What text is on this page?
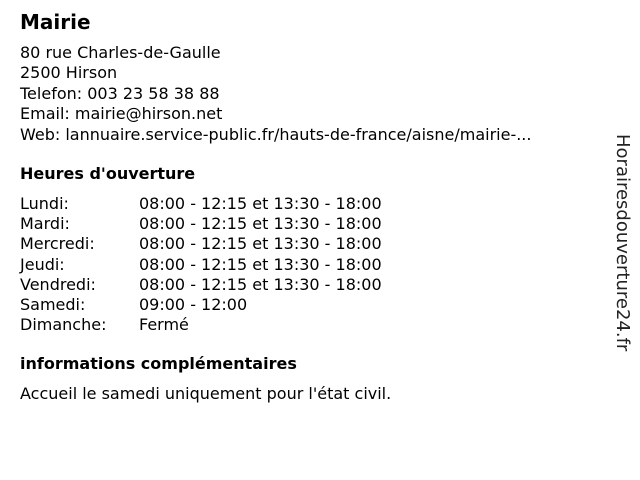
Mairie
80 rue Charles-de-Gaulle
2500 Hirson
Telefon: 003 23 58 38 88
Email: mairie@hirson.net
Web: lannuaire.service-public.fr/hauts-de-france/aisne/mairie-...
Heures d'ouverture
Lundi:	08:00 - 12:15 et 13:30 - 18:00
Mardi:	08:00 - 12:15 et 13:30 - 18:00
Mercredi:	08:00 - 12:15 et 13:30 - 18:00
Jeudi:	08:00 - 12:15 et 13:30 - 18:00
Vendredi:	08:00 - 12:15 et 13:30 - 18:00
Samedi:	09:00 - 12:00
Dimanche:	Fermé
informations complémentaires
Accueil le samedi uniquement pour l'état civil.
Horairesdouverture24.fr
